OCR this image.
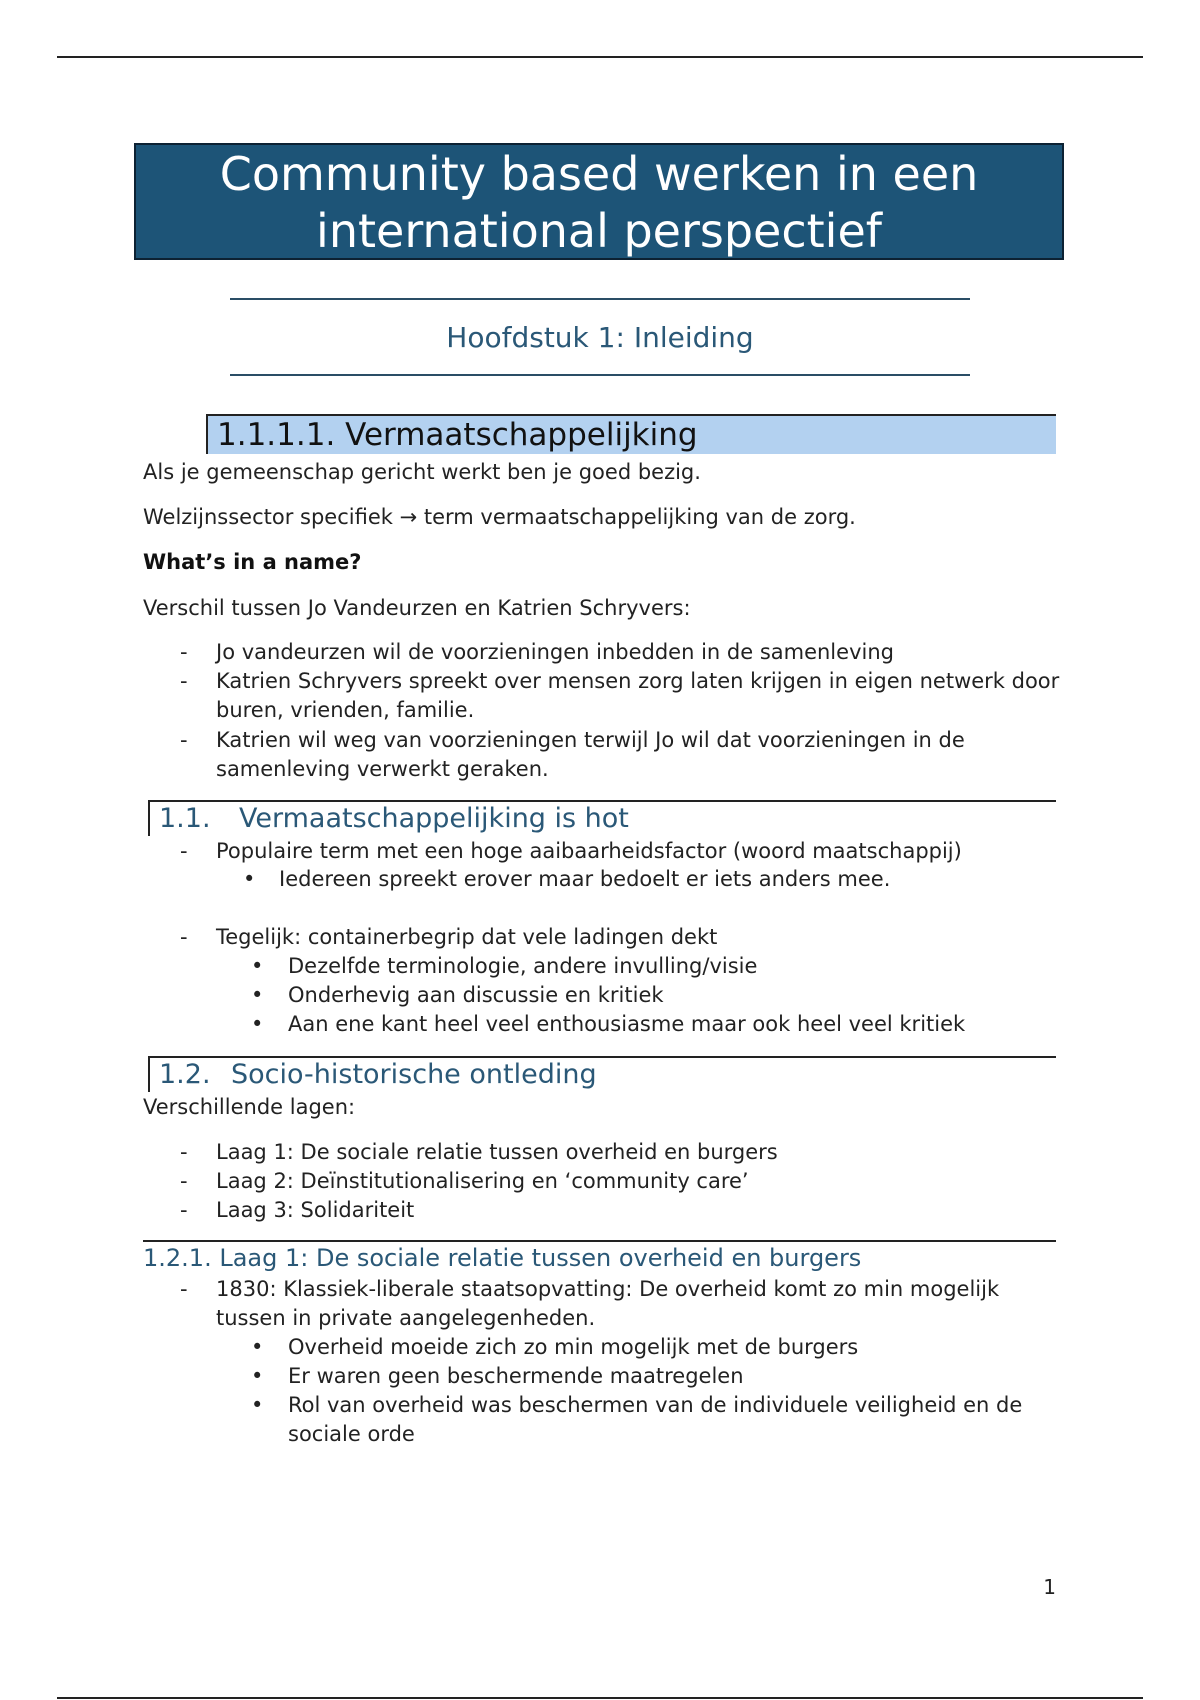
Community based werken in een
international perspectief
Hoofdstuk 1: Inleiding
1.1.1.1. Vermaatschappelijking
Als je gemeenschap gericht werkt ben je goed bezig.
Welzijnssector specifiek → term vermaatschappelijking van de zorg.
What’s in a name?
Verschil tussen Jo Vandeurzen en Katrien Schryvers:
- Jo vandeurzen wil de voorzieningen inbedden in de samenleving
- Katrien Schryvers spreekt over mensen zorg laten krijgen in eigen netwerk door buren, vrienden, familie.
- Katrien wil weg van voorzieningen terwijl Jo wil dat voorzieningen in de samenleving verwerkt geraken.
1.1. Vermaatschappelijking is hot
- Populaire term met een hoge aaibaarheidsfactor (woord maatschappij)
• Iedereen spreekt erover maar bedoelt er iets anders mee.
- Tegelijk: containerbegrip dat vele ladingen dekt
• Dezelfde terminologie, andere invulling/visie
• Onderhevig aan discussie en kritiek
• Aan ene kant heel veel enthousiasme maar ook heel veel kritiek
1.2. Socio-historische ontleding
Verschillende lagen:
- Laag 1: De sociale relatie tussen overheid en burgers
- Laag 2: Deïnstitutionalisering en ‘community care’
- Laag 3: Solidariteit
1.2.1. Laag 1: De sociale relatie tussen overheid en burgers
- 1830: Klassiek-liberale staatsopvatting: De overheid komt zo min mogelijk tussen in private aangelegenheden.
• Overheid moeide zich zo min mogelijk met de burgers
• Er waren geen beschermende maatregelen
• Rol van overheid was beschermen van de individuele veiligheid en de sociale orde
1
